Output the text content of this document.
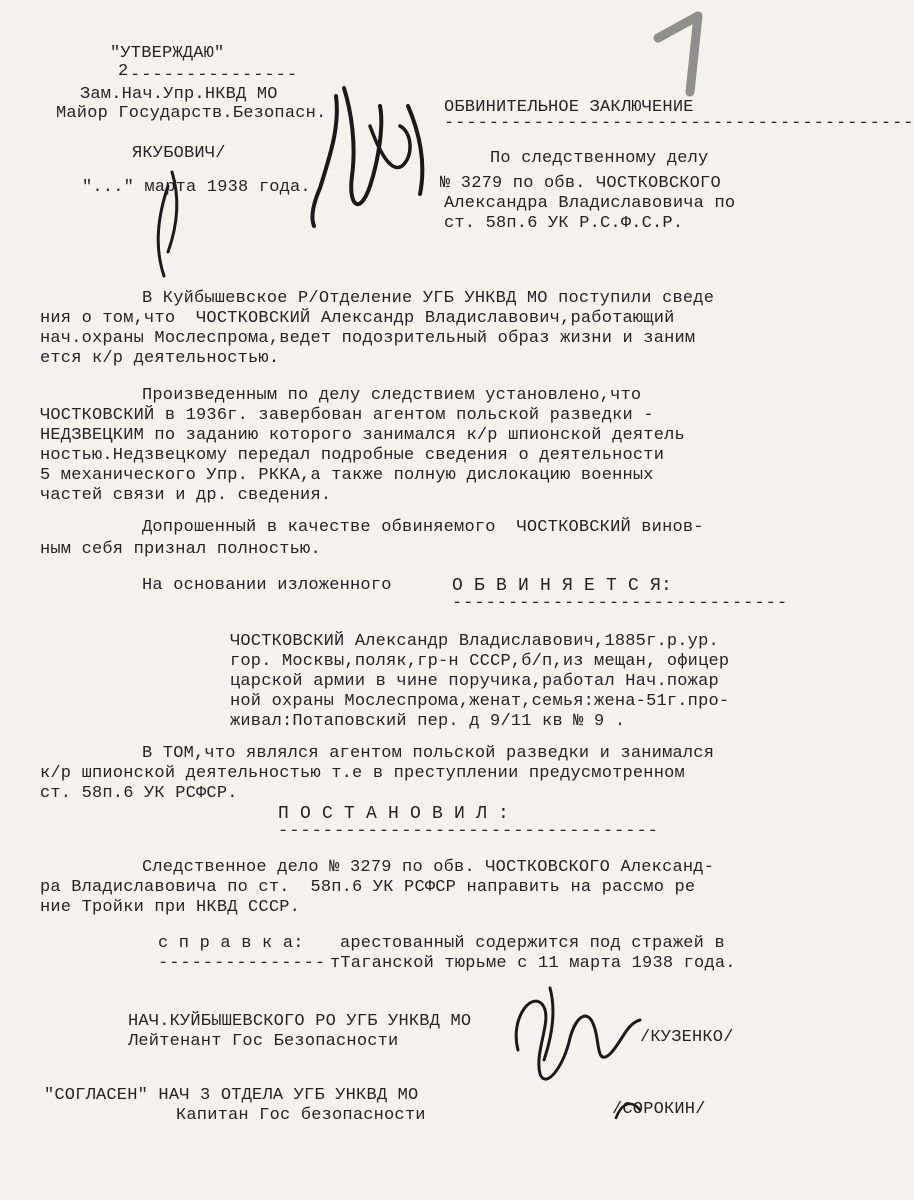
"УТВЕРЖДАЮ"
2 ---------------
Зам.Нач.Упр.НКВД МО
Майор Государств.Безопасн.
ЯКУБОВИЧ/
"..." марта 1938 года.
ОБВИНИТЕЛЬНОЕ ЗАКЛЮЧЕНИЕ
------------------------------------------
По следственному делу
№ 3279 по обв. ЧОСТКОВСКОГО
Александра Владиславовича по
ст. 58п.6 УК Р.С.Ф.С.Р.
В Куйбышевское Р/Отделение УГБ УНКВД МО поступили сведе
ния о том,что  ЧОСТКОВСКИЙ Александр Владиславович,работающий
нач.охраны Мослеспрома,ведет подозрительный образ жизни и заним
ется к/р деятельностью.
Произведенным по делу следствием установлено,что
ЧОСТКОВСКИЙ в 1936г. завербован агентом польской разведки -
НЕДЗВЕЦКИМ по заданию которого занимался к/р шпионской деятель
ностью.Недзвецкому передал подробные сведения о деятельности
5 механического Упр. РККА,а также полную дислокацию военных
частей связи и др. сведения.
Допрошенный в качестве обвиняемого  ЧОСТКОВСКИЙ винов-
ным себя признал полностью.
На основании изложенного	О Б В И Н Я Е Т С Я:
------------------------------
ЧОСТКОВСКИЙ Александр Владиславович,1885г.р.ур.
гор. Москвы,поляк,гр-н СССР,б/п,из мещан, офицер
царской армии в чине поручика,работал Нач.пожар
ной охраны Мослеспрома,женат,семья:жена-51г.про-
живал:Потаповский пер. д 9/11 кв № 9 .
В ТОМ,что являлся агентом польской разведки и занимался
к/р шпионской деятельностью т.е в преступлении предусмотренном
ст. 58п.6 УК РСФСР.
П О С Т А Н О В И Л :
----------------------------------
Следственное дело № 3279 по обв. ЧОСТКОВСКОГО Александ-
ра Владиславовича по ст.  58п.6 УК РСФСР направить на рассмо ре
ние Тройки при НКВД СССР.
с п р а в к а: арестованный содержится под стражей в
--------------- тТаганской тюрьме с 11 марта 1938 года.
НАЧ.КУЙБЫШЕВСКОГО РО УГБ УНКВД МО
Лейтенант Гос Безопасности	/КУЗЕНКО/
"СОГЛАСЕН" НАЧ 3 ОТДЕЛА УГБ УНКВД МО
Капитан Гос безопасности	/СОРОКИН/
